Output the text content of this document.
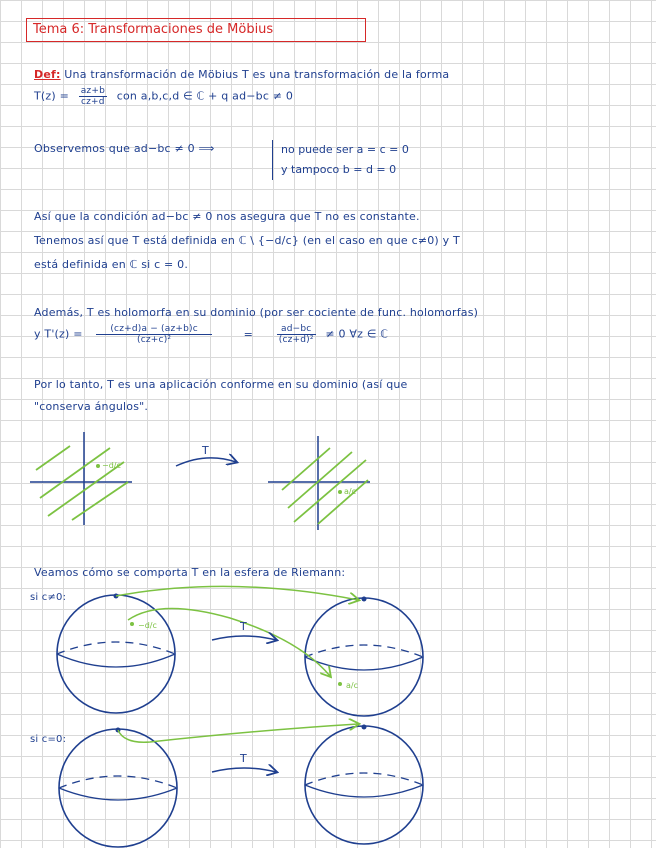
Tema 6: Transformaciones de Möbius
Def: Una transformación de Möbius T es una transformación de la forma
$T(z) = \frac{az+b}{cz+d}$ con a,b,c,d ∈ ℂ + q ad−bc ≠ 0
Observemos que ad−bc ≠ 0 ⟹	no puede ser a = c = 0
y tampoco b = d = 0
Así que la condición ad−bc ≠ 0 nos asegura que T no es constante.
Tenemos así que T está definida en ℂ \ {−d/c} (en el caso en que c≠0) y T
está definida en ℂ si c = 0.
Además, T es holomorfa en su dominio (por ser cociente de func. holomorfas)
y $T'(z) = \frac{(cz+d)a - (az+b)c}{\text{(cz+c)²}}$	=	$\frac{ad-bc}{\text{(cz+d)²}} \ne 0$ ∀z ∈ ℂ
Por lo tanto, T es una aplicación conforme en su dominio (así que
"conserva ángulos".
Veamos cómo se comporta T en la esfera de Riemann:
si c≠0:
si c=0:
−d/c
T
a/c
−d/c
a/c
T
T
